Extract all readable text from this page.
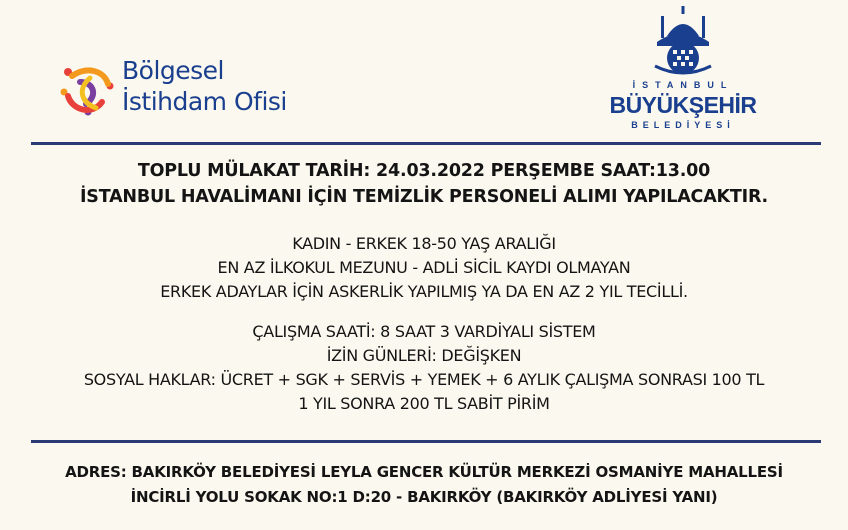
Bölgesel
İstihdam Ofisi
İSTANBUL
BÜYÜKŞEHİR
BELEDİYESİ
TOPLU MÜLAKAT TARİH: 24.03.2022 PERŞEMBE SAAT:13.00
İSTANBUL HAVALİMANI İÇİN TEMİZLİK PERSONELİ ALIMI YAPILACAKTIR.
KADIN - ERKEK 18-50 YAŞ ARALIĞI
EN AZ İLKOKUL MEZUNU - ADLİ SİCİL KAYDI OLMAYAN
ERKEK ADAYLAR İÇİN ASKERLİK YAPILMIŞ YA DA EN AZ 2 YIL TECİLLİ.
ÇALIŞMA SAATİ: 8 SAAT 3 VARDİYALI SİSTEM
İZİN GÜNLERİ: DEĞİŞKEN
SOSYAL HAKLAR: ÜCRET + SGK + SERVİS + YEMEK + 6 AYLIK ÇALIŞMA SONRASI 100 TL
1 YIL SONRA 200 TL SABİT PİRİM
ADRES: BAKIRKÖY BELEDİYESİ LEYLA GENCER KÜLTÜR MERKEZİ OSMANİYE MAHALLESİ
İNCİRLİ YOLU SOKAK NO:1 D:20 - BAKIRKÖY (BAKIRKÖY ADLİYESİ YANI)
